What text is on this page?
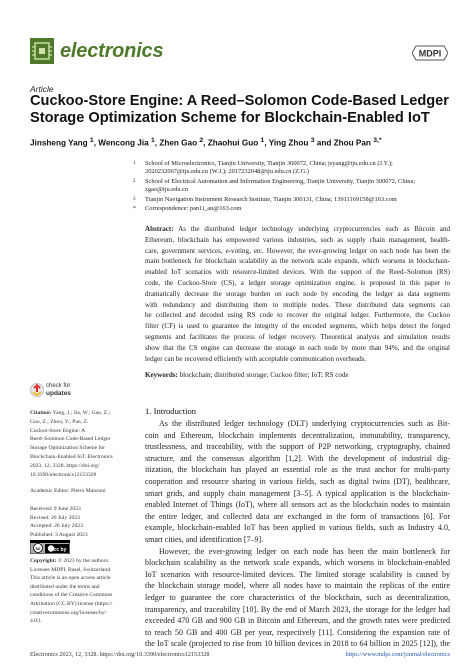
electronics	MDPI
Article
Cuckoo-Store Engine: A Reed–Solomon Code-Based Ledger
Storage Optimization Scheme for Blockchain-Enabled IoT
Jinsheng Yang $^1$, Wencong Jia $^1$, Zhen Gao $^2$, Zhaohui Guo $^1$, Ying Zhou $^3$ and Zhou Pan $^{3,*}$
1 School of Microelectronics, Tianjin University, Tianjin 300072, China; jsyang@tju.edu.cn (J.Y.);
2020232067@tju.edu.cn (W.J.); 2017232048@tju.edu.cn (Z.G.)
2 School of Electrical Automation and Information Engineering, Tianjin University, Tianjin 300072, China;
zgao@tju.edu.cn
3 Tianjin Navigation Instrument Research Institute, Tianjin 300131, China; 13911169158@163.com
* Correspondence: pan1i_an@163.com
Abstract: As the distributed ledger technology underlying cryptocurrencies such as Bitcoin and
Ethereum, blockchain has empowered various industries, such as supply chain management, health-
care, government services, e-voting, etc. However, the ever-growing ledger on each node has been the
main bottleneck for blockchain scalability as the network scale expands, which worsens in blockchain-
enabled IoT scenarios with resource-limited devices. With the support of the Reed–Solomon (RS)
code, the Cuckoo-Store (CS), a ledger storage optimization engine, is proposed in this paper to
dramatically decrease the storage burden on each node by encoding the ledger as data segments
with redundancy and distributing them to multiple nodes. These distributed data segments can
be collected and decoded using RS code to recover the original ledger. Furthermore, the Cuckoo
filter (CF) is used to guarantee the integrity of the encoded segments, which helps detect the forged
segments and facilitates the process of ledger recovery. Theoretical analysis and simulation results
show that the CS engine can decrease the storage in each node by more than 94%, and the original
ledger can be recovered efficiently with acceptable communication overheads.
Keywords: blockchain; distributed storage; Cuckoo filter; IoT; RS code
check for
updates
Citation: Yang, J.; Jia, W.; Gao, Z.;
Guo, Z.; Zhou, Y.; Pan, Z.
Cuckoo-Store Engine: A
Reed–Solomon Code-Based Ledger
Storage Optimization Scheme for
Blockchain-Enabled IoT. Electronics
2023, 12, 3328. https://doi.org/
10.3390/electronics12153328
Academic Editor: Pietro Manzoni
Received: 9 June 2023
Revised: 26 July 2023
Accepted: 26 July 2023
Published: 3 August 2023
cc	cc by
Copyright: © 2023 by the authors.
Licensee MDPI, Basel, Switzerland.
This article is an open access article
distributed under the terms and
conditions of the Creative Commons
Attribution (CC BY) license (https://
creativecommons.org/licenses/by/
4.0/).
1. Introduction
As the distributed ledger technology (DLT) underlying cryptocurrencies such as Bit-
coin and Ethereum, blockchain implements decentralization, immutability, transparency,
trustlessness, and traceability, with the support of P2P networking, cryptography, chained
structure, and the consensus algorithm [1,2]. With the development of industrial dig-
itization, the blockchain has played an essential role as the trust anchor for multi-party
cooperation and resource sharing in various fields, such as digital twins (DT), healthcare,
smart grids, and supply chain management [3–5]. A typical application is the blockchain-
enabled Internet of Things (IoT), where all sensors act as the blockchain nodes to maintain
the entire ledger, and collected data are exchanged in the form of transactions [6]. For
example, blockchain-enabled IoT has been applied in various fields, such as Industry 4.0,
smart cities, and identification [7–9].
However, the ever-growing ledger on each node has been the main bottleneck for
blockchain scalability as the network scale expands, which worsens in blockchain-enabled
IoT scenarios with resource-limited devices. The limited storage scalability is caused by
the blockchain storage model, where all nodes have to maintain the replicas of the entire
ledger to guarantee the core characteristics of the blockchain, such as decentralization,
transparency, and traceability [10]. By the end of March 2023, the storage for the ledger had
exceeded 470 GB and 900 GB in Bitcoin and Ethereum, and the growth rates were predicted
to reach 50 GB and 400 GB per year, respectively [11]. Considering the expansion rate of
the IoT scale (projected to rise from 10 billion devices in 2018 to 64 billion in 2025 [12]), the
Electronics 2023, 12, 3328. https://doi.org/10.3390/electronics12153328	https://www.mdpi.com/journal/electronics
